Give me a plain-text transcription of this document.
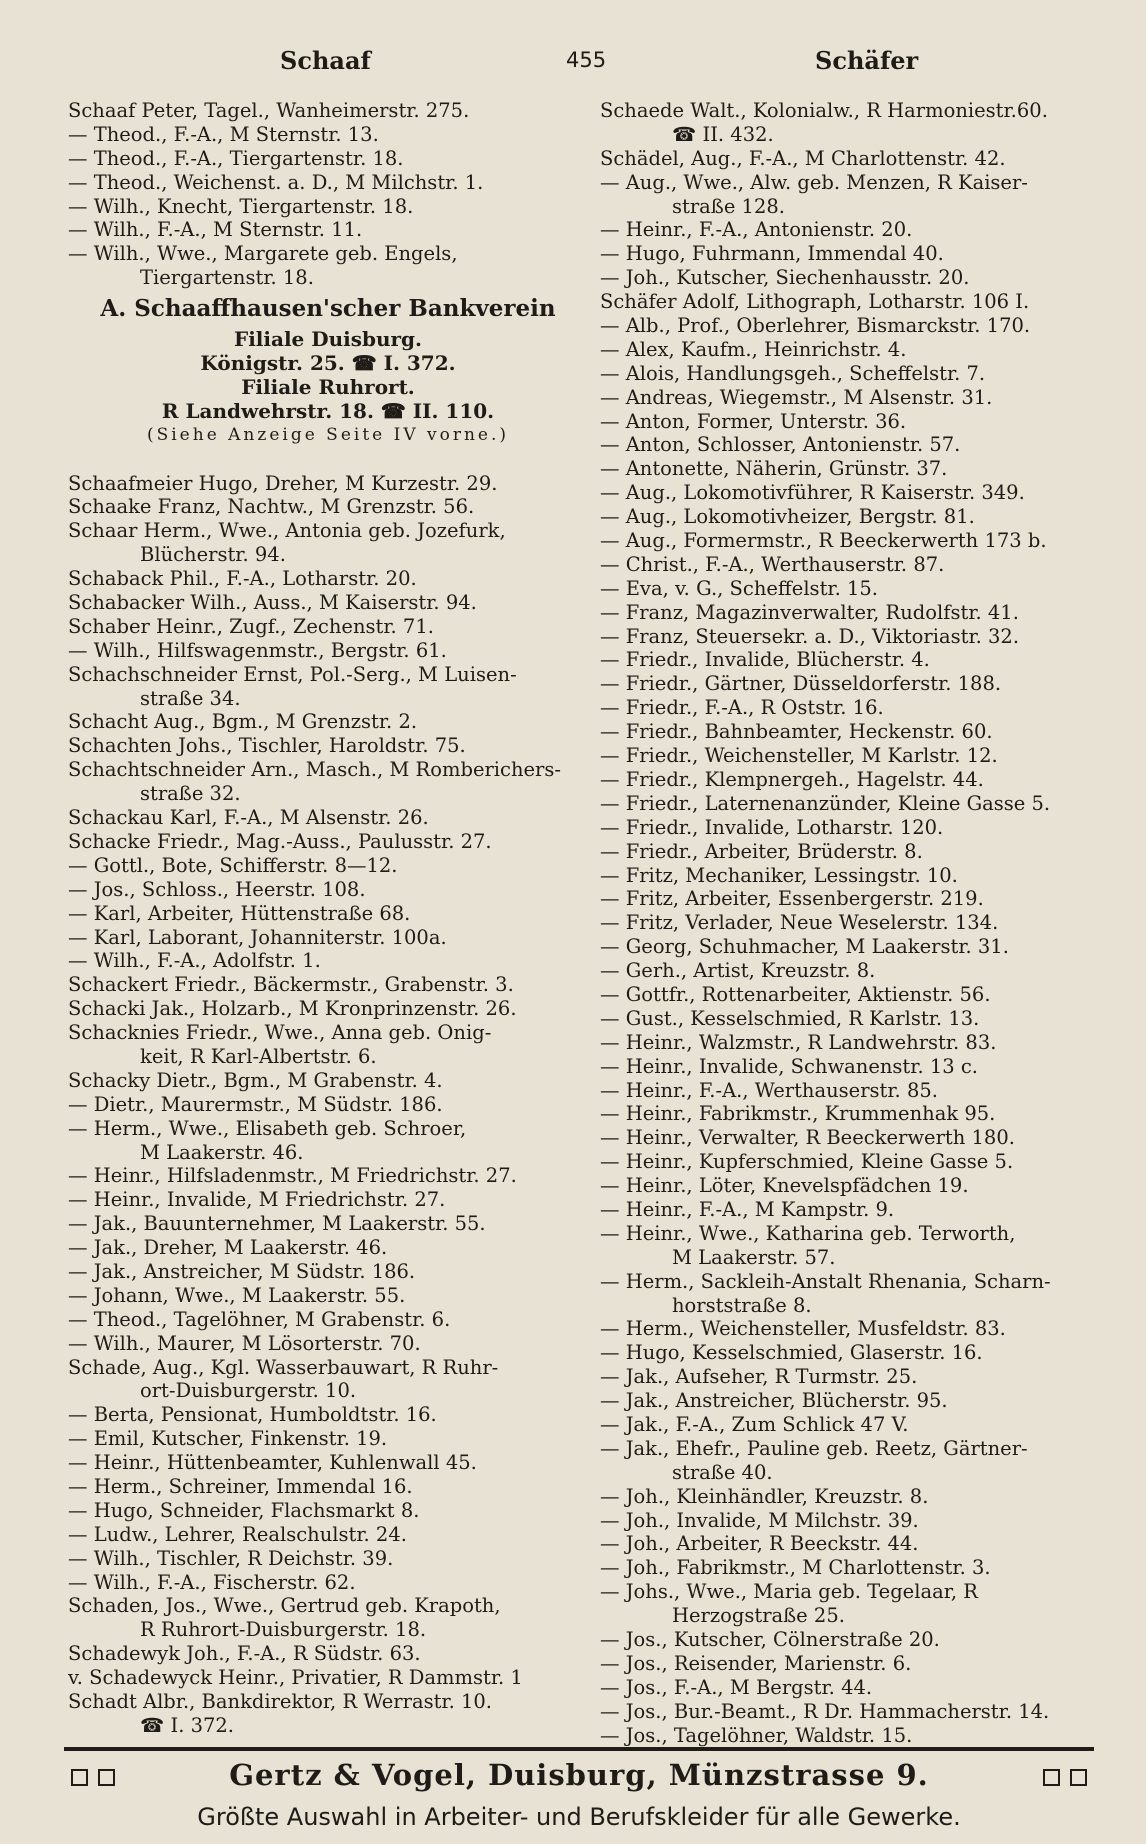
Schaaf	455	Schäfer
Schaaf Peter, Tagel., Wanheimerstr. 275.
— Theod., F.-A., M Sternstr. 13.
— Theod., F.-A., Tiergartenstr. 18.
— Theod., Weichenst. a. D., M Milchstr. 1.
— Wilh., Knecht, Tiergartenstr. 18.
— Wilh., F.-A., M Sternstr. 11.
— Wilh., Wwe., Margarete geb. Engels,
Tiergartenstr. 18.
A. Schaaffhausen'scher Bankverein
Filiale Duisburg.
Königstr. 25. ☎ I. 372.
Filiale Ruhrort.
R Landwehrstr. 18. ☎ II. 110.
(Siehe Anzeige Seite IV vorne.)
Schaafmeier Hugo, Dreher, M Kurzestr. 29.
Schaake Franz, Nachtw., M Grenzstr. 56.
Schaar Herm., Wwe., Antonia geb. Jozefurk,
Blücherstr. 94.
Schaback Phil., F.-A., Lotharstr. 20.
Schabacker Wilh., Auss., M Kaiserstr. 94.
Schaber Heinr., Zugf., Zechenstr. 71.
— Wilh., Hilfswagenmstr., Bergstr. 61.
Schachschneider Ernst, Pol.-Serg., M Luisen-
straße 34.
Schacht Aug., Bgm., M Grenzstr. 2.
Schachten Johs., Tischler, Haroldstr. 75.
Schachtschneider Arn., Masch., M Romberichers-
straße 32.
Schackau Karl, F.-A., M Alsenstr. 26.
Schacke Friedr., Mag.-Auss., Paulusstr. 27.
— Gottl., Bote, Schifferstr. 8—12.
— Jos., Schloss., Heerstr. 108.
— Karl, Arbeiter, Hüttenstraße 68.
— Karl, Laborant, Johanniterstr. 100a.
— Wilh., F.-A., Adolfstr. 1.
Schackert Friedr., Bäckermstr., Grabenstr. 3.
Schacki Jak., Holzarb., M Kronprinzenstr. 26.
Schacknies Friedr., Wwe., Anna geb. Onig-
keit, R Karl-Albertstr. 6.
Schacky Dietr., Bgm., M Grabenstr. 4.
— Dietr., Maurermstr., M Südstr. 186.
— Herm., Wwe., Elisabeth geb. Schroer,
M Laakerstr. 46.
— Heinr., Hilfsladenmstr., M Friedrichstr. 27.
— Heinr., Invalide, M Friedrichstr. 27.
— Jak., Bauunternehmer, M Laakerstr. 55.
— Jak., Dreher, M Laakerstr. 46.
— Jak., Anstreicher, M Südstr. 186.
— Johann, Wwe., M Laakerstr. 55.
— Theod., Tagelöhner, M Grabenstr. 6.
— Wilh., Maurer, M Lösorterstr. 70.
Schade, Aug., Kgl. Wasserbauwart, R Ruhr-
ort-Duisburgerstr. 10.
— Berta, Pensionat, Humboldtstr. 16.
— Emil, Kutscher, Finkenstr. 19.
— Heinr., Hüttenbeamter, Kuhlenwall 45.
— Herm., Schreiner, Immendal 16.
— Hugo, Schneider, Flachsmarkt 8.
— Ludw., Lehrer, Realschulstr. 24.
— Wilh., Tischler, R Deichstr. 39.
— Wilh., F.-A., Fischerstr. 62.
Schaden, Jos., Wwe., Gertrud geb. Krapoth,
R Ruhrort-Duisburgerstr. 18.
Schadewyk Joh., F.-A., R Südstr. 63.
v. Schadewyck Heinr., Privatier, R Dammstr. 1
Schadt Albr., Bankdirektor, R Werrastr. 10.
☎ I. 372.
Schaede Walt., Kolonialw., R Harmoniestr.60.
☎ II. 432.
Schädel, Aug., F.-A., M Charlottenstr. 42.
— Aug., Wwe., Alw. geb. Menzen, R Kaiser-
straße 128.
— Heinr., F.-A., Antonienstr. 20.
— Hugo, Fuhrmann, Immendal 40.
— Joh., Kutscher, Siechenhausstr. 20.
Schäfer Adolf, Lithograph, Lotharstr. 106 I.
— Alb., Prof., Oberlehrer, Bismarckstr. 170.
— Alex, Kaufm., Heinrichstr. 4.
— Alois, Handlungsgeh., Scheffelstr. 7.
— Andreas, Wiegemstr., M Alsenstr. 31.
— Anton, Former, Unterstr. 36.
— Anton, Schlosser, Antonienstr. 57.
— Antonette, Näherin, Grünstr. 37.
— Aug., Lokomotivführer, R Kaiserstr. 349.
— Aug., Lokomotivheizer, Bergstr. 81.
— Aug., Formermstr., R Beeckerwerth 173 b.
— Christ., F.-A., Werthauserstr. 87.
— Eva, v. G., Scheffelstr. 15.
— Franz, Magazinverwalter, Rudolfstr. 41.
— Franz, Steuersekr. a. D., Viktoriastr. 32.
— Friedr., Invalide, Blücherstr. 4.
— Friedr., Gärtner, Düsseldorferstr. 188.
— Friedr., F.-A., R Oststr. 16.
— Friedr., Bahnbeamter, Heckenstr. 60.
— Friedr., Weichensteller, M Karlstr. 12.
— Friedr., Klempnergeh., Hagelstr. 44.
— Friedr., Laternenanzünder, Kleine Gasse 5.
— Friedr., Invalide, Lotharstr. 120.
— Friedr., Arbeiter, Brüderstr. 8.
— Fritz, Mechaniker, Lessingstr. 10.
— Fritz, Arbeiter, Essenbergerstr. 219.
— Fritz, Verlader, Neue Weselerstr. 134.
— Georg, Schuhmacher, M Laakerstr. 31.
— Gerh., Artist, Kreuzstr. 8.
— Gottfr., Rottenarbeiter, Aktienstr. 56.
— Gust., Kesselschmied, R Karlstr. 13.
— Heinr., Walzmstr., R Landwehrstr. 83.
— Heinr., Invalide, Schwanenstr. 13 c.
— Heinr., F.-A., Werthauserstr. 85.
— Heinr., Fabrikmstr., Krummenhak 95.
— Heinr., Verwalter, R Beeckerwerth 180.
— Heinr., Kupferschmied, Kleine Gasse 5.
— Heinr., Löter, Knevelspfädchen 19.
— Heinr., F.-A., M Kampstr. 9.
— Heinr., Wwe., Katharina geb. Terworth,
M Laakerstr. 57.
— Herm., Sackleih-Anstalt Rhenania, Scharn-
horststraße 8.
— Herm., Weichensteller, Musfeldstr. 83.
— Hugo, Kesselschmied, Glaserstr. 16.
— Jak., Aufseher, R Turmstr. 25.
— Jak., Anstreicher, Blücherstr. 95.
— Jak., F.-A., Zum Schlick 47 V.
— Jak., Ehefr., Pauline geb. Reetz, Gärtner-
straße 40.
— Joh., Kleinhändler, Kreuzstr. 8.
— Joh., Invalide, M Milchstr. 39.
— Joh., Arbeiter, R Beeckstr. 44.
— Joh., Fabrikmstr., M Charlottenstr. 3.
— Johs., Wwe., Maria geb. Tegelaar, R
Herzogstraße 25.
— Jos., Kutscher, Cölnerstraße 20.
— Jos., Reisender, Marienstr. 6.
— Jos., F.-A., M Bergstr. 44.
— Jos., Bur.-Beamt., R Dr. Hammacherstr. 14.
— Jos., Tagelöhner, Waldstr. 15.
Gertz & Vogel, Duisburg, Münzstrasse 9.
Größte Auswahl in Arbeiter- und Berufskleider für alle Gewerke.
